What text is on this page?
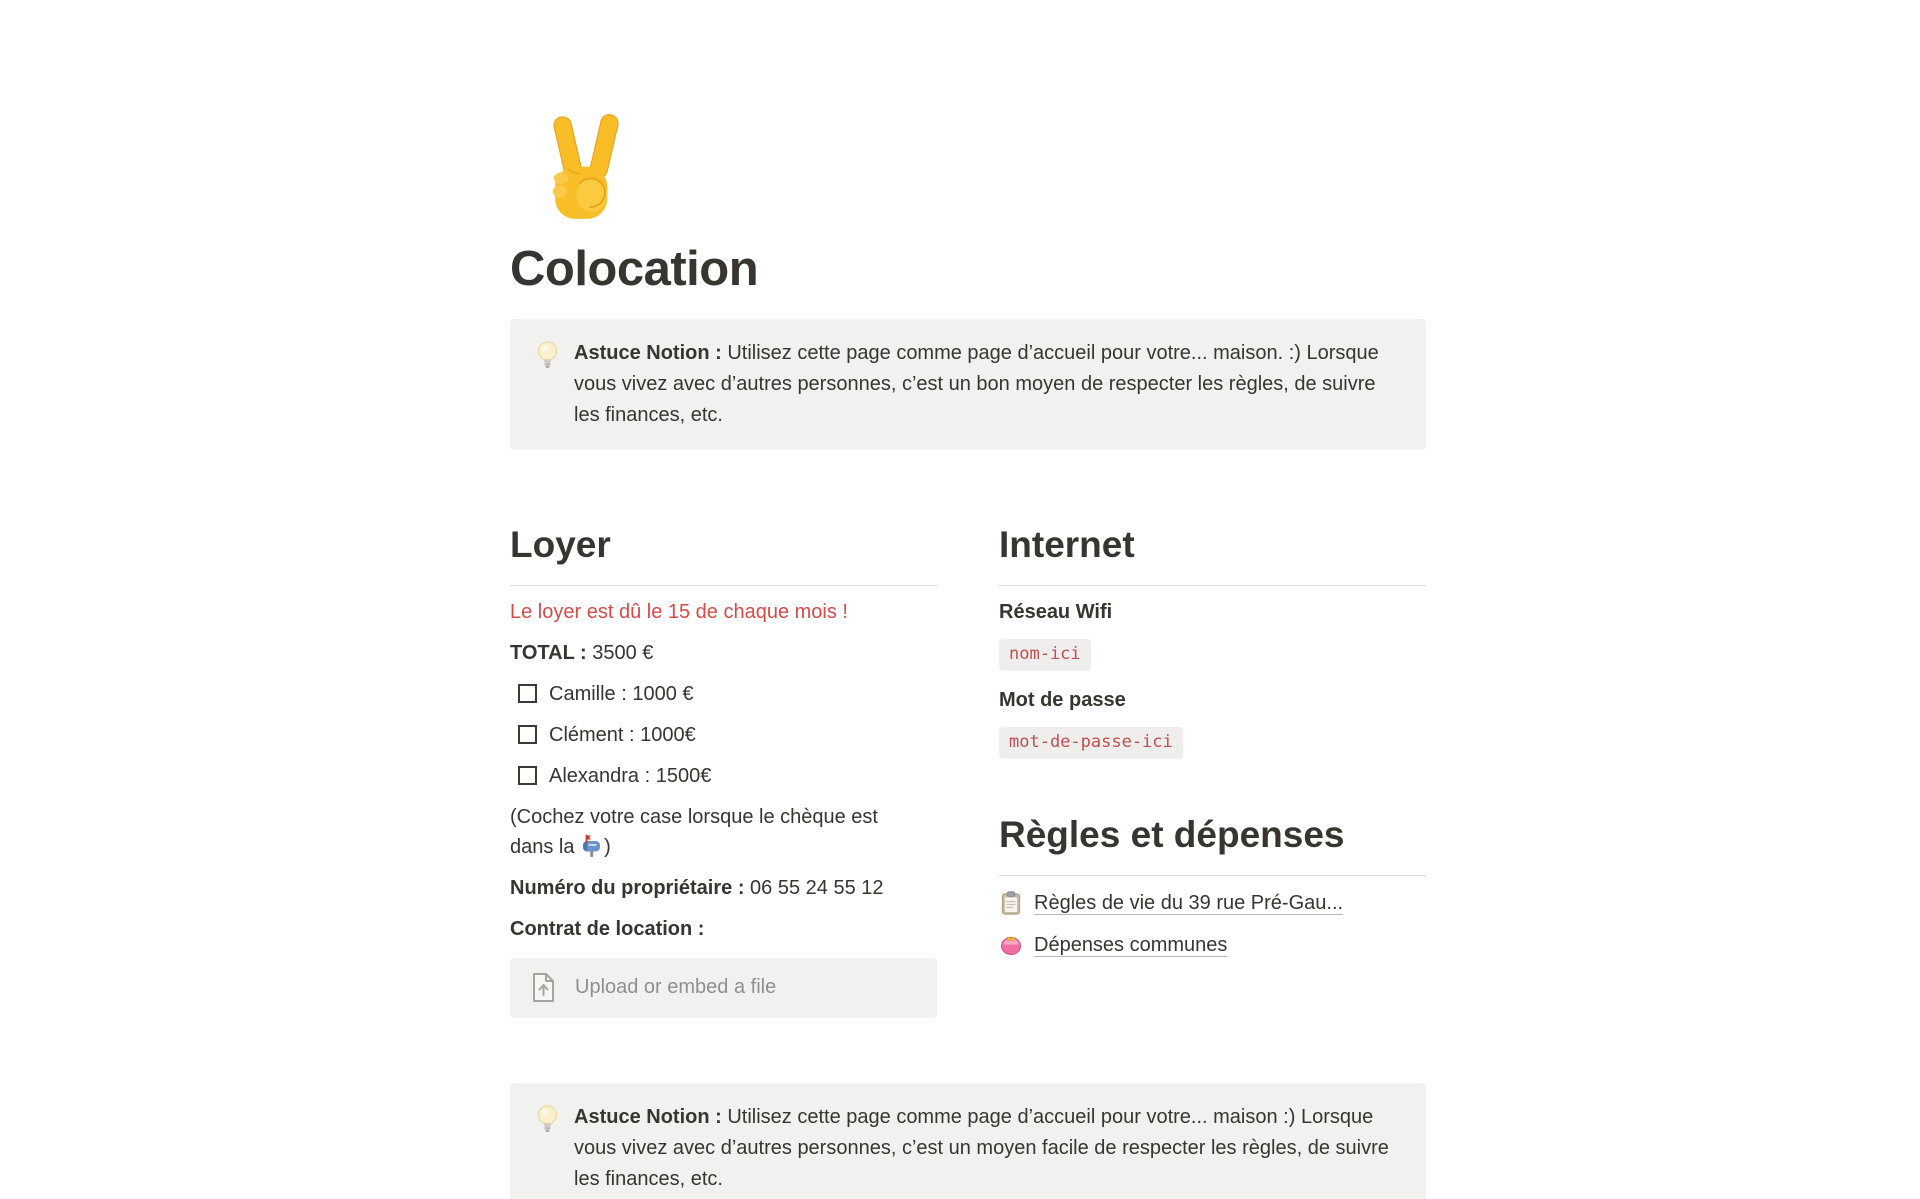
Colocation
Astuce Notion : Utilisez cette page comme page d’accueil pour votre... maison. :) Lorsque vous vivez avec d’autres personnes, c’est un bon moyen de respecter les règles, de suivre les finances, etc.
Loyer

Le loyer est dû le 15 de chaque mois !

TOTAL : 3500 €

Camille : 1000 €
Clément : 1000€
Alexandra : 1500€

(Cochez votre case lorsque le chèque est
dans la )

Numéro du propriétaire : 06 55 24 55 12

Contrat de location :

Upload or embed a file
Internet

Réseau Wifi

nom-ici

Mot de passe

mot-de-passe-ici
Règles et dépenses
Règles de vie du 39 rue Pré-Gau...
Dépenses communes
Astuce Notion : Utilisez cette page comme page d’accueil pour votre... maison :) Lorsque vous vivez avec d’autres personnes, c’est un moyen facile de respecter les règles, de suivre les finances, etc.
